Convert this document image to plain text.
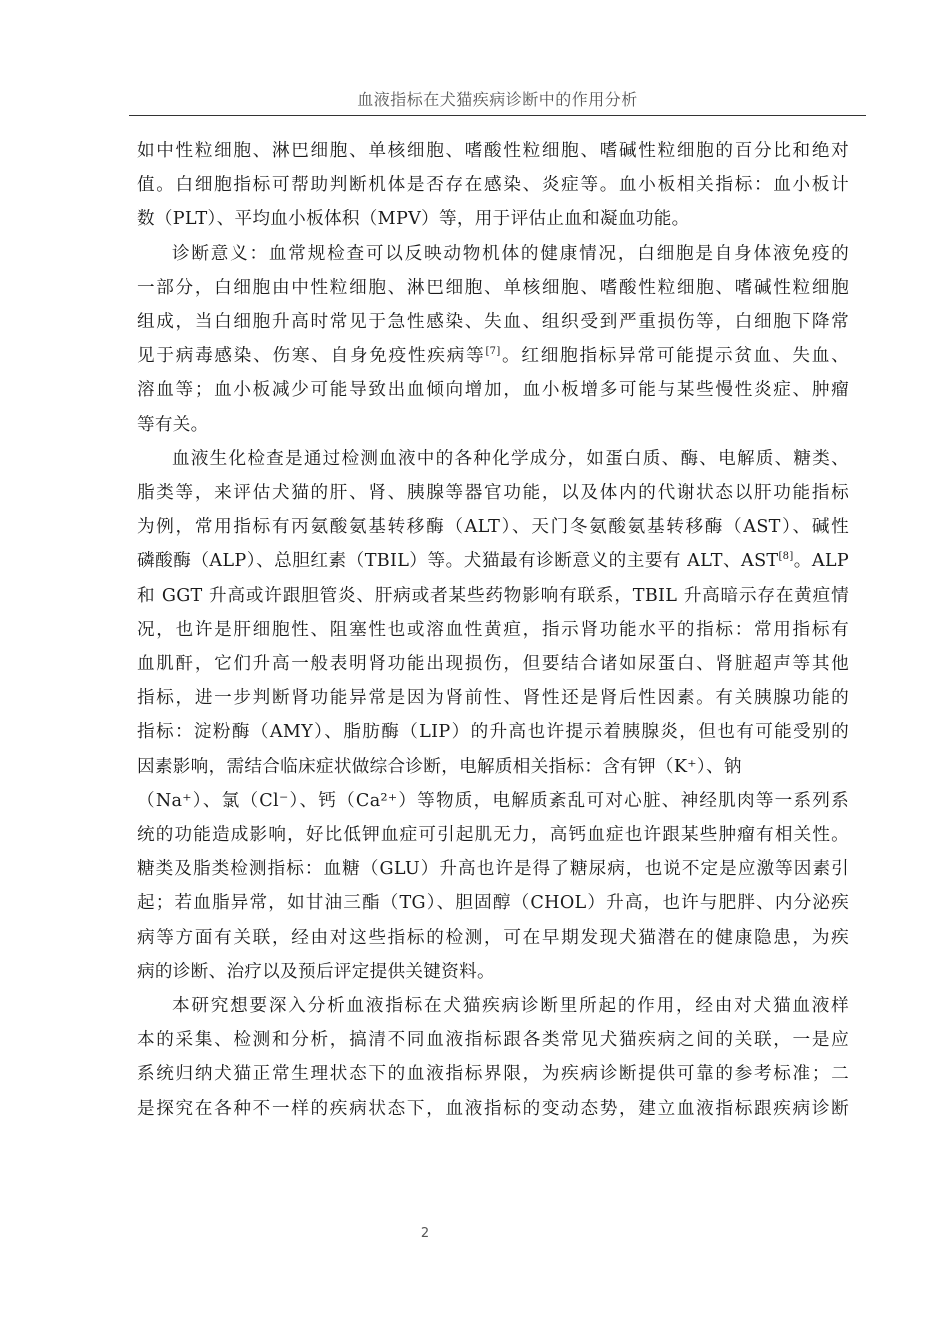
血液指标在犬猫疾病诊断中的作用分析

如中性粒细胞、淋巴细胞、单核细胞、嗜酸性粒细胞、嗜碱性粒细胞的百分比和绝对
值。白细胞指标可帮助判断机体是否存在感染、炎症等。血小板相关指标：血小板计
数（PLT）、平均血小板体积（MPV）等，用于评估止血和凝血功能。

诊断意义：血常规检查可以反映动物机体的健康情况，白细胞是自身体液免疫的
一部分，白细胞由中性粒细胞、淋巴细胞、单核细胞、嗜酸性粒细胞、嗜碱性粒细胞
组成，当白细胞升高时常见于急性感染、失血、组织受到严重损伤等，白细胞下降常
见于病毒感染、伤寒、自身免疫性疾病等[7]。红细胞指标异常可能提示贫血、失血、
溶血等；血小板减少可能导致出血倾向增加，血小板增多可能与某些慢性炎症、肿瘤
等有关。

血液生化检查是通过检测血液中的各种化学成分，如蛋白质、酶、电解质、糖类、
脂类等，来评估犬猫的肝、肾、胰腺等器官功能，以及体内的代谢状态以肝功能指标
为例，常用指标有丙氨酸氨基转移酶（ALT）、天门冬氨酸氨基转移酶（AST）、碱性
磷酸酶（ALP）、总胆红素（TBIL）等。犬猫最有诊断意义的主要有 ALT、AST[8]。ALP
和 GGT 升高或许跟胆管炎、肝病或者某些药物影响有联系，TBIL 升高暗示存在黄疸情
况，也许是肝细胞性、阻塞性也或溶血性黄疸，指示肾功能水平的指标：常用指标有
血肌酐，它们升高一般表明肾功能出现损伤，但要结合诸如尿蛋白、肾脏超声等其他
指标，进一步判断肾功能异常是因为肾前性、肾性还是肾后性因素。有关胰腺功能的
指标：淀粉酶（AMY）、脂肪酶（LIP）的升高也许提示着胰腺炎，但也有可能受别的
因素影响，需结合临床症状做综合诊断，电解质相关指标：含有钾（K⁺）、钠
（Na⁺）、氯（Cl⁻）、钙（Ca²⁺）等物质，电解质紊乱可对心脏、神经肌肉等一系列系
统的功能造成影响，好比低钾血症可引起肌无力，高钙血症也许跟某些肿瘤有相关性。
糖类及脂类检测指标：血糖（GLU）升高也许是得了糖尿病，也说不定是应激等因素引
起；若血脂异常，如甘油三酯（TG）、胆固醇（CHOL）升高，也许与肥胖、内分泌疾
病等方面有关联，经由对这些指标的检测，可在早期发现犬猫潜在的健康隐患，为疾
病的诊断、治疗以及预后评定提供关键资料。

本研究想要深入分析血液指标在犬猫疾病诊断里所起的作用，经由对犬猫血液样
本的采集、检测和分析，搞清不同血液指标跟各类常见犬猫疾病之间的关联，一是应
系统归纳犬猫正常生理状态下的血液指标界限，为疾病诊断提供可靠的参考标准；二
是探究在各种不一样的疾病状态下，血液指标的变动态势，建立血液指标跟疾病诊断

2
